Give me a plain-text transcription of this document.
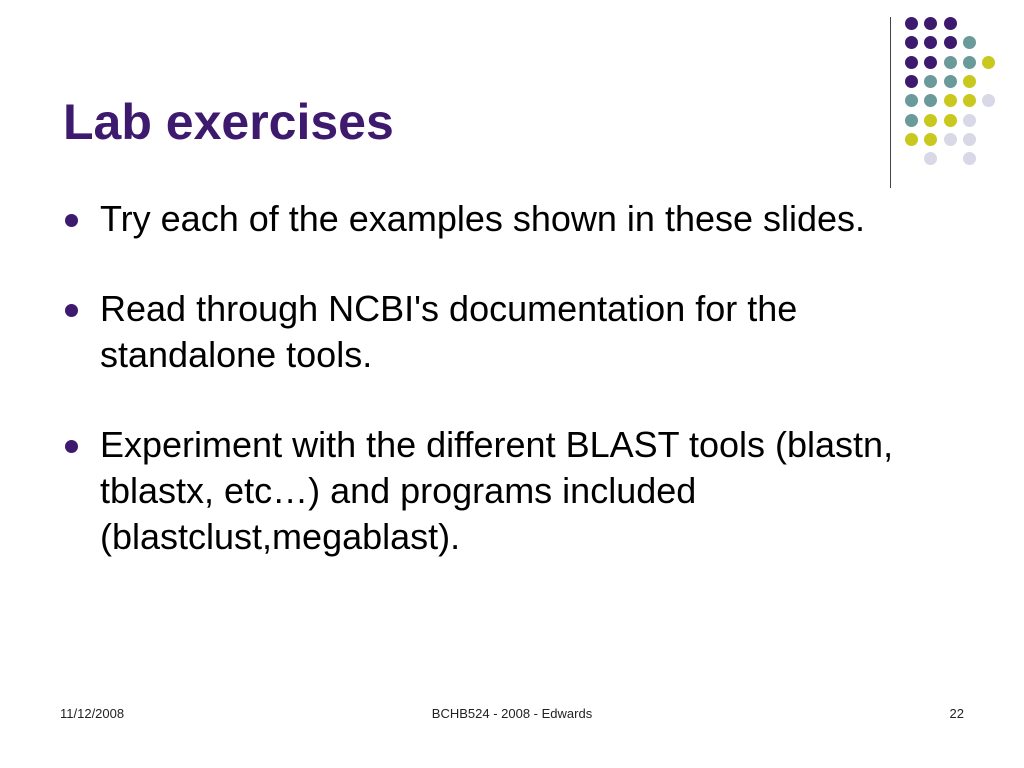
Lab exercises
Try each of the examples shown in these slides.
Read through NCBI's documentation for the standalone tools.
Experiment with the different BLAST tools (blastn, tblastx, etc…) and programs included (blastclust,megablast).
11/12/2008	BCHB524 - 2008 - Edwards	22
